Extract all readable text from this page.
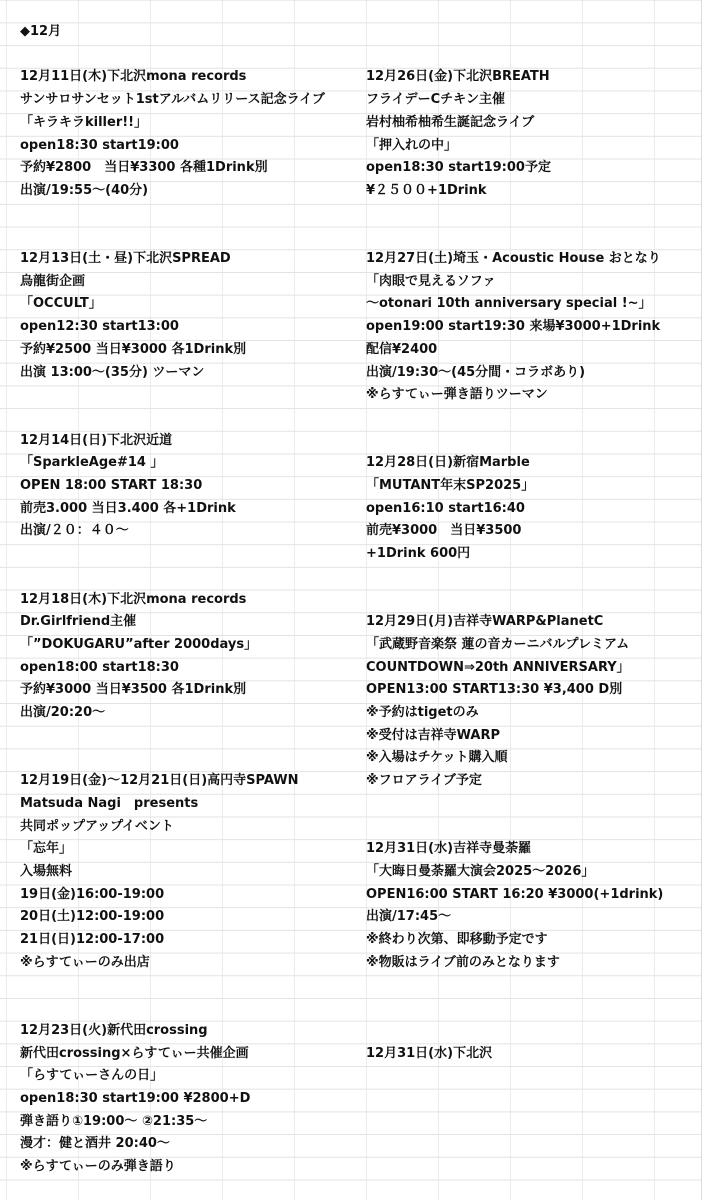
◆12月
12月11日(木)下北沢mona records
サンサロサンセット1stアルバムリリース記念ライブ
「キラキラkiller!!」
open18:30 start19:00
予約¥2800　当日¥3300 各種1Drink別
出演/19:55～(40分)
12月13日(土・昼)下北沢SPREAD
烏龍街企画
「OCCULT」
open12:30 start13:00
予約¥2500 当日¥3000 各1Drink別
出演 13:00～(35分) ツーマン
12月14日(日)下北沢近道
「SparkleAge#14 」
OPEN 18:00 START 18:30
前売3.000 当日3.400 各+1Drink
出演/２０：４０～
12月18日(木)下北沢mona records
Dr.Girlfriend主催
「”DOKUGARU”after 2000days」
open18:00 start18:30
予約¥3000 当日¥3500 各1Drink別
出演/20:20～
12月19日(金)～12月21日(日)高円寺SPAWN
Matsuda Nagi　presents
共同ポップアップイベント
「忘年」
入場無料
19日(金)16:00-19:00
20日(土)12:00-19:00
21日(日)12:00-17:00
※らすてぃーのみ出店
12月23日(火)新代田crossing
新代田crossing×らすてぃー共催企画
「らすてぃーさんの日」
open18:30 start19:00 ¥2800+D
弾き語り①19:00～ ②21:35～
漫才：健と酒井 20:40～
※らすてぃーのみ弾き語り
12月26日(金)下北沢BREATH
フライデーCチキン主催
岩村柚希柚希生誕記念ライブ
「押入れの中」
open18:30 start19:00予定
¥２５００+1Drink
12月27日(土)埼玉・Acoustic House おとなり
「肉眼で見えるソファ
～otonari 10th anniversary special !~」
open19:00 start19:30 来場¥3000+1Drink
配信¥2400
出演/19:30～(45分間・コラボあり)
※らすてぃー弾き語りツーマン
12月28日(日)新宿Marble
「MUTANT年末SP2025」
open16:10 start16:40
前売¥3000　当日¥3500
+1Drink 600円
12月29日(月)吉祥寺WARP&PlanetC
「武蔵野音楽祭 蓮の音カーニバルプレミアム
COUNTDOWN⇒20th ANNIVERSARY」
OPEN13:00 START13:30 ¥3,400 D別
※予約はtigetのみ
※受付は吉祥寺WARP
※入場はチケット購入順
※フロアライブ予定
12月31日(水)吉祥寺曼荼羅
「大晦日曼荼羅大演会2025～2026」
OPEN16:00 START 16:20 ¥3000(+1drink)
出演/17:45～
※終わり次第、即移動予定です
※物販はライブ前のみとなります
12月31日(水)下北沢
